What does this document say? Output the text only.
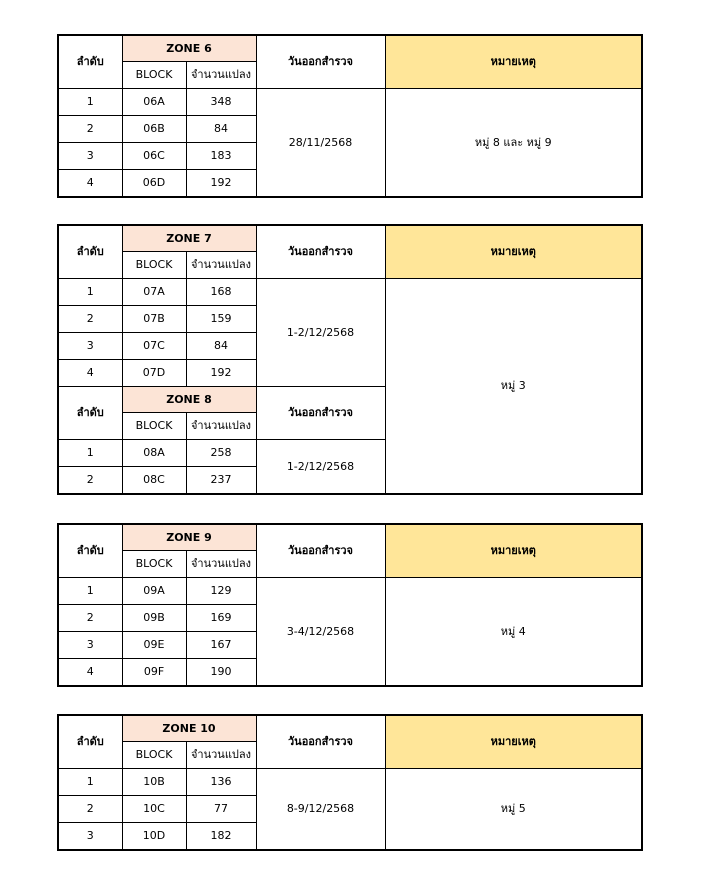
ลำดับ	ZONE 6		วันออกสำรวจ	หมายเหตุ
	BLOCK	จำนวนแปลง		
1	06A	348	28/11/2568	หมู่ 8 และ หมู่ 9
2	06B	84		
3	06C	183		
4	06D	192		
ลำดับ	ZONE 7		วันออกสำรวจ	หมายเหตุ
	BLOCK	จำนวนแปลง		
1	07A	168	1-2/12/2568	หมู่ 3
2	07B	159		
3	07C	84		
4	07D	192		
ลำดับ	ZONE 8		วันออกสำรวจ	
	BLOCK	จำนวนแปลง		
1	08A	258	1-2/12/2568	
2	08C	237		
ลำดับ	ZONE 9		วันออกสำรวจ	หมายเหตุ
	BLOCK	จำนวนแปลง		
1	09A	129	3-4/12/2568	หมู่ 4
2	09B	169		
3	09E	167		
4	09F	190		
ลำดับ	ZONE 10		วันออกสำรวจ	หมายเหตุ
	BLOCK	จำนวนแปลง		
1	10B	136	8-9/12/2568	หมู่ 5
2	10C	77		
3	10D	182		
